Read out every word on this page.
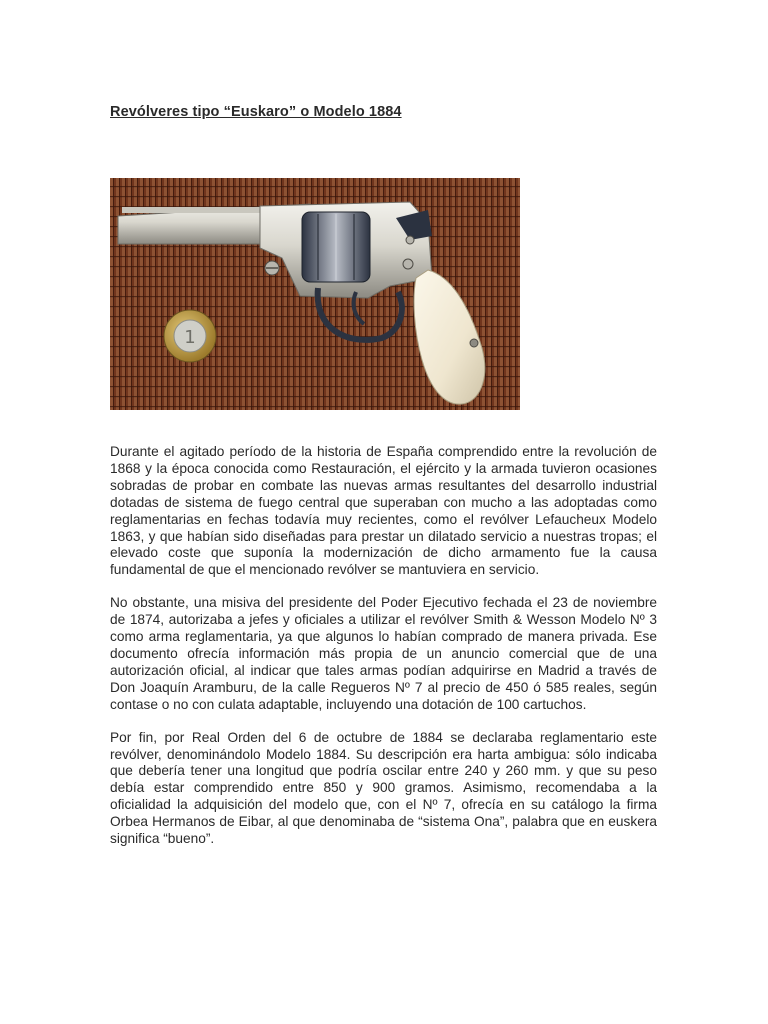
Revólveres tipo “Euskaro” o Modelo 1884
1

Durante el agitado período de la historia de España comprendido entre la revolución de 1868 y la época conocida como Restauración, el ejército y la armada tuvieron ocasiones sobradas de probar en combate las nuevas armas resultantes del desarrollo industrial dotadas de sistema de fuego central que superaban con mucho a las adoptadas como reglamentarias en fechas todavía muy recientes, como el revólver Lefaucheux Modelo 1863, y que habían sido diseñadas para prestar un dilatado servicio a nuestras tropas; el elevado coste que suponía la modernización de dicho armamento fue la causa fundamental de que el mencionado revólver se mantuviera en servicio.

No obstante, una misiva del presidente del Poder Ejecutivo fechada el 23 de noviembre de 1874, autorizaba a jefes y oficiales a utilizar el revólver Smith & Wesson Modelo Nº 3 como arma reglamentaria, ya que algunos lo habían comprado de manera privada. Ese documento ofrecía información más propia de un anuncio comercial que de una autorización oficial, al indicar que tales armas podían adquirirse en Madrid a través de Don Joaquín Aramburu, de la calle Regueros Nº 7 al precio de 450 ó 585 reales, según contase o no con culata adaptable, incluyendo una dotación de 100 cartuchos.

Por fin, por Real Orden del 6 de octubre de 1884 se declaraba reglamentario este revólver, denominándolo Modelo 1884. Su descripción era harta ambigua: sólo indicaba que debería tener una longitud que podría oscilar entre 240 y 260 mm. y que su peso debía estar comprendido entre 850 y 900 gramos. Asimismo, recomendaba a la oficialidad la adquisición del modelo que, con el Nº 7, ofrecía en su catálogo la firma Orbea Hermanos de Eibar, al que denominaba de “sistema Ona”, palabra que en euskera significa “bueno”.
